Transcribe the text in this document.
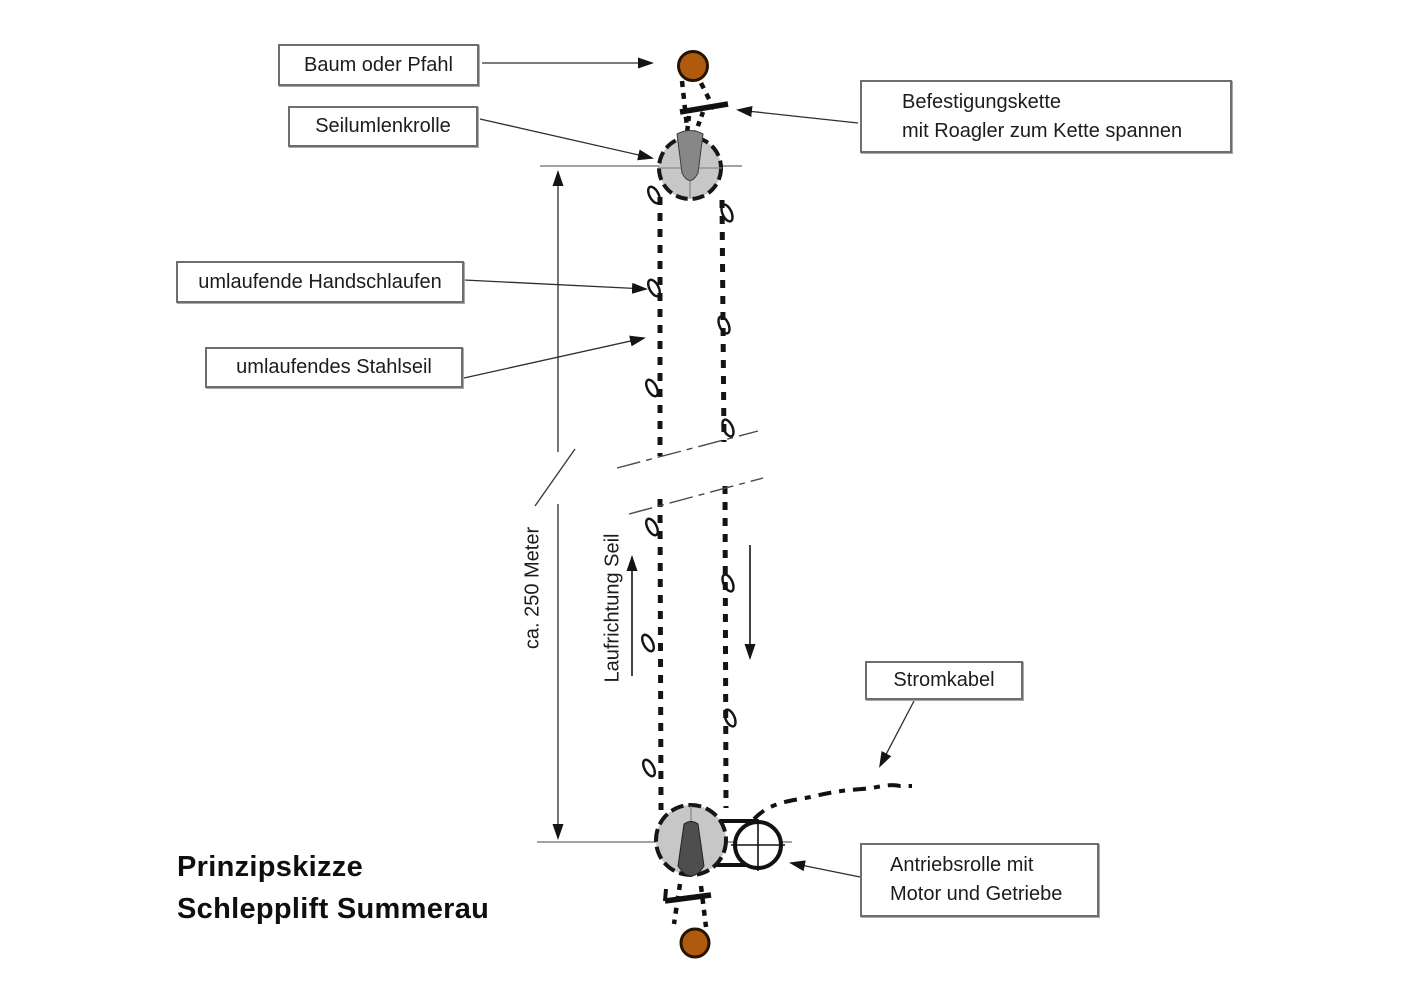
Baum oder Pfahl
Seilumlenkrolle
Befestigungskette
mit Roagler zum Kette spannen
umlaufende Handschlaufen
umlaufendes Stahlseil
Stromkabel
Antriebsrolle mit
Motor und Getriebe
ca. 250 Meter	Laufrichtung Seil
Prinzipskizze
Schlepplift Summerau
